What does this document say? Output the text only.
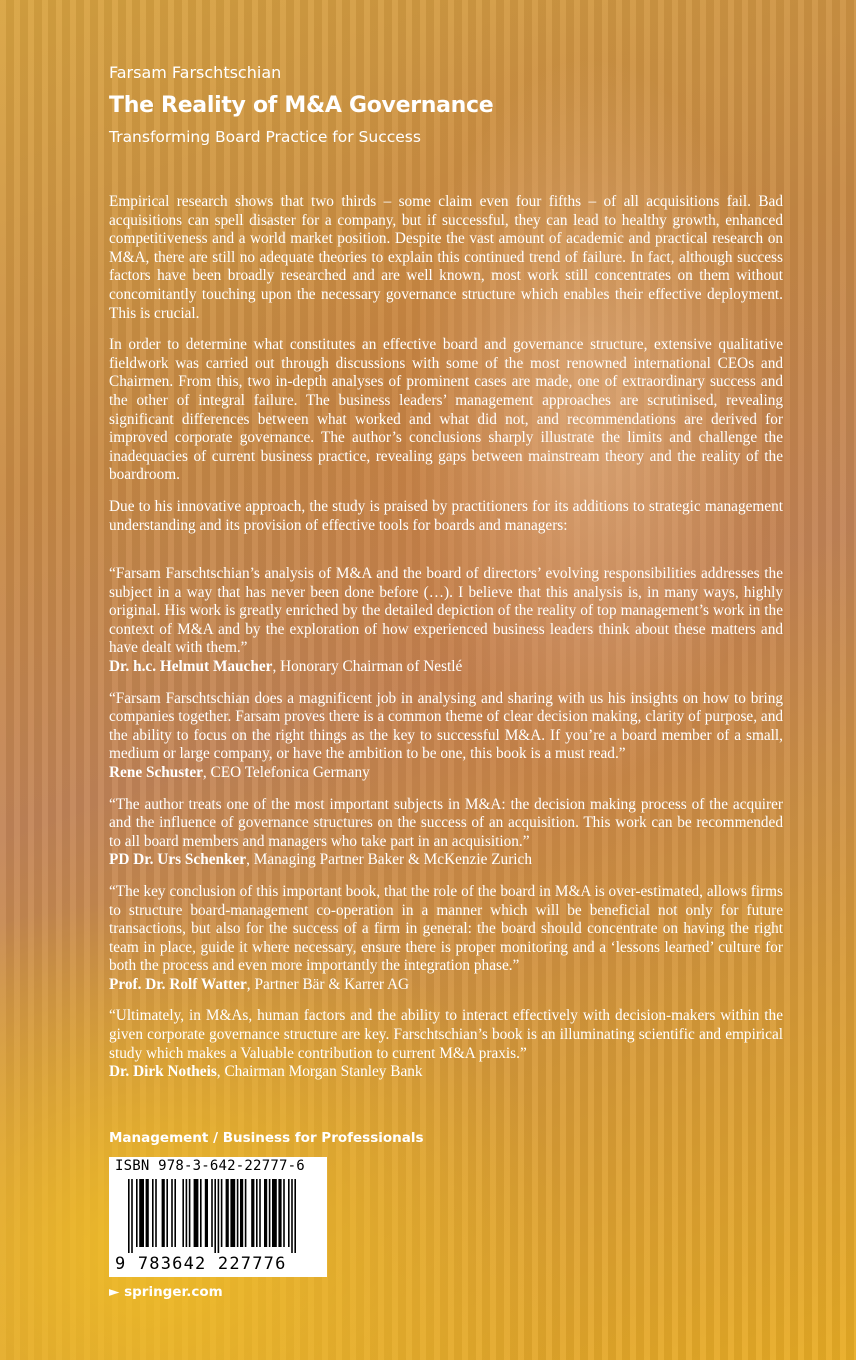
Farsam Farschtschian
The Reality of M&A Governance
Transforming Board Practice for Success

Empirical research shows that two thirds – some claim even four fifths – of all acquisitions fail. Bad acquisitions can spell disaster for a company, but if successful, they can lead to healthy growth, enhanced competitiveness and a world market position. Despite the vast amount of academic and practical research on M&A, there are still no adequate theories to explain this continued trend of failure. In fact, although success factors have been broadly researched and are well known, most work still concentrates on them without concomitantly touching upon the necessary governance structure which enables their effective deployment. This is crucial.

In order to determine what constitutes an effective board and governance structure, extensive qualitative fieldwork was carried out through discussions with some of the most renowned international CEOs and Chairmen. From this, two in-depth analyses of prominent cases are made, one of extraordinary success and the other of integral failure. The business leaders’ management approaches are scrutinised, revealing significant differences between what worked and what did not, and recommendations are derived for improved corporate governance. The author’s conclusions sharply illustrate the limits and challenge the inadequacies of current business practice, revealing gaps between mainstream theory and the reality of the boardroom.

Due to his innovative approach, the study is praised by practitioners for its additions to strategic management understanding and its provision of effective tools for boards and managers:

“Farsam Farschtschian’s analysis of M&A and the board of directors’ evolving responsibilities addresses the subject in a way that has never been done before (…). I believe that this analysis is, in many ways, highly original. His work is greatly enriched by the detailed depiction of the reality of top management’s work in the context of M&A and by the exploration of how experienced business leaders think about these matters and have dealt with them.”
Dr. h.c. Helmut Maucher, Honorary Chairman of Nestlé
“Farsam Farschtschian does a magnificent job in analysing and sharing with us his insights on how to bring companies together. Farsam proves there is a common theme of clear decision making, clarity of purpose, and the ability to focus on the right things as the key to successful M&A. If you’re a board member of a small, medium or large company, or have the ambition to be one, this book is a must read.”
Rene Schuster, CEO Telefonica Germany
“The author treats one of the most important subjects in M&A: the decision making process of the acquirer and the influence of governance structures on the success of an acquisition. This work can be recommended to all board members and managers who take part in an acquisition.”
PD Dr. Urs Schenker, Managing Partner Baker & McKenzie Zurich
“The key conclusion of this important book, that the role of the board in M&A is over-estimated, allows firms to structure board-management co-operation in a manner which will be beneficial not only for future transactions, but also for the success of a firm in general: the board should concentrate on having the right team in place, guide it where necessary, ensure there is proper monitoring and a ‘lessons learned’ culture for both the process and even more importantly the integration phase.”
Prof. Dr. Rolf Watter, Partner Bär & Karrer AG
“Ultimately, in M&As, human factors and the ability to interact effectively with decision-makers within the given corporate governance structure are key. Farschtschian’s book is an illuminating scientific and empirical study which makes a Valuable contribution to current M&A praxis.”
Dr. Dirk Notheis, Chairman Morgan Stanley Bank
Management / Business for Professionals
ISBN 978-3-642-22777-6
9 783642 227776
► springer.com
